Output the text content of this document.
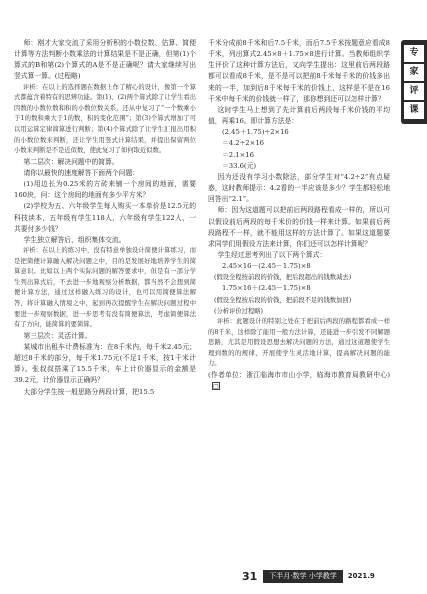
师：刚才大家交流了采用分析积的小数位数、估算、简便计算等方法判断小数乘法的计算结果是不是正确，但第(1)个算式的B和第(2)个算式的A是不是正确呢？请大家继续写出竖式算一算。(过程略)

评析：在以上的选择题在数据上作了精心的设计，像第一个算式都蕴含着特有的思辨功能。第(1)、(2)两个算式除了让学生看出因数的小数位数和积的小数位数关系，还从中复习了“一个数乘小于1的数和乘大于1的数，积的变化范围”；第(3)个算式增加了可以用运算定律简算进行判断；第(4)个算式除了让学生汇报出用积的小数位数来判断，还让学生用竖式计算结果，并提出保留两位小数来判断是不是近似数，使此复习了如何取近似数。

第二层次：解决问题中的简算。

请你以最快的速度解答下面两个问题：

(1)用边长为0.25米的方砖来铺一个房间的地面，需要160块，问：这个房间的地面有多少平方米？

(2)学校为五、六年级学生每人购买一本单价是12.5元的科技读本，五年级有学生118人，六年级有学生122人，一共要付多少钱？

学生独立解答后，组织集体交流。

评析：在以上的练习中，没有特意单独设计简便计算练习，而是把简便计算融入解决问题之中，目的是发展好地培养学生的简算意识。比如以上两个实际问题的解答要求中，但是有一部分学生列出算式后，不去进一步地观察分析数据，都当然不会想到简便计算方法，通过这样融入练习的设计，也可以用简便算法解答，将计算融入情境之中，起到再次提醒学生在解决问题过程中要进一步观察数据，进一步思考有没有简便算法，考虑简便算法有了方向，能简算的要简算。

第三层次：灵活计算。

某城市出租车计费标准为：在8千米内，每千米2.45元；超过8千米的部分，每千米1.75元(不足1千米，按1千米计算)。张叔叔搭乘了15.5千米，车上计价器显示的金额是39.2元，计价器显示正确吗？

大部分学生按一般思路分两段计算，把15.5

千米分成前8千米和后7.5千米，而后7.5千米按题意应看成8千米，列出算式2.45×8＋1.75×8进行计算。当教师组织学生评价了这种计算方法后，又向学生提出：这里前后两段路都可以看成8千米，是不是可以把前8千米每千米的价钱多出来的一半，加到后8千米每千米的价钱上，这样是不是在16千米中每千米的价钱就一样了，那你想到还可以怎样计算？

这时学生马上想到了先计算前后两段每千米价钱的平均值，再乘16。即计算方法是：

(2.45＋1.75)÷2×16

＝4.2÷2×16

＝2.1×16

＝33.6(元)

因为还没有学习小数除法，部分学生对“4.2÷2”有点疑惑，这时教师提示：4.2看的一半应该是多少？学生都轻松地回答出“2.1”。

师：因为这道题可以把前后两段路程看成一样的，所以可以假设前后两段的每千米价的价钱一样来计算。如果前后两段路程不一样，就不能用这样的方法计算了。如果这道题要求同学们用假设方法来计算，你们还可以怎样计算呢？

学生经过思考列出了以下两个算式：

2.45×16－(2.45－1.75)×8

(假设全程按前段的价钱，把后段超出的钱数减去)

1.75×16＋(2.45－1.75)×8

(假设全程按后段的价钱，把前段不足的钱数加回)

(分析评价过程略)

评析：此题设计的特别之处在于把前后两段的路程都看成一样的8千米，这样除了能用一般方法计算，还能进一步引发不同解题思路，尤其是用假设思想去解决问题的方法，通过这道题使学生理到数的的规律，开展使学生灵活地计算，提高解决问题的能力。

(作者单位：浙江临海市市山小学，临海市教育局教研中心)□

专
家
评
课
31	下半月·数学 小学教学	2021.9
